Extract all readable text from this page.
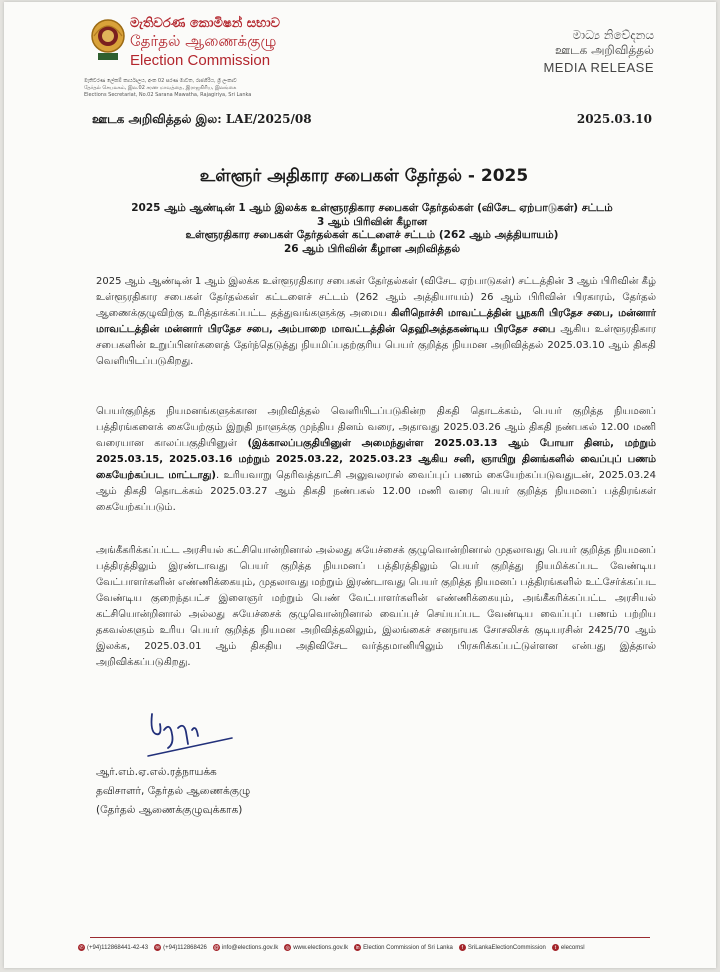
මැතිවරණ කොමිෂන් සභාව
தேர்தல் ஆணைக்குழு
Election Commission
මැතිවරණ ලේකම් කාර්යාලය, අංක 02 සරණ මාවත, රාජගිරිය, ශ්‍රී ලංකාව
தேர்தல் செயலகம், இல.02 சரண மாவத்தை, இராஜகிரிய, இலங்கை
Elections Secretariat, No.02 Sarana Mawatha, Rajagiriya, Sri Lanka
මාධ්‍ය නිවේදනය
ஊடக அறிவித்தல்
MEDIA RELEASE
ஊடக அறிவித்தல் இல: LAE/2025/08	2025.03.10
உள்ளூர் அதிகார சபைகள் தேர்தல் - 2025
2025 ஆம் ஆண்டின் 1 ஆம் இலக்க உள்ளூரதிகார சபைகள் தேர்தல்கள் (விசேட ஏற்பாடுகள்) சட்டம்
3 ஆம் பிரிவின் கீழான
உள்ளூரதிகார சபைகள் தேர்தல்கள் கட்டளைச் சட்டம் (262 ஆம் அத்தியாயம்)
26 ஆம் பிரிவின் கீழான அறிவித்தல்
2025 ஆம் ஆண்டின் 1 ஆம் இலக்க உள்ளூரதிகார சபைகள் தேர்தல்கள் (விசேட ஏற்பாடுகள்) சட்டத்தின் 3 ஆம் பிரிவின் கீழ் உள்ளூரதிகார சபைகள் தேர்தல்கள் கட்டளைச் சட்டம் (262 ஆம் அத்தியாயம்) 26 ஆம் பிரிவின் பிரகாரம், தேர்தல் ஆணைக்குழுவிற்கு உரித்தாக்கப்பட்ட தத்துவங்களுக்கு அமைய கிளிநொச்சி மாவட்டத்தின் பூநகரி பிரதேச சபை, மன்னார் மாவட்டத்தின் மன்னார் பிரதேச சபை, அம்பாறை மாவட்டத்தின் தெஹிஅத்தகண்டிய பிரதேச சபை ஆகிய உள்ளூரதிகார சபைகளின் உறுப்பினர்களைத் தேர்ந்தெடுத்து நியமிப்பதற்குரிய பெயர் குறித்த நியமன அறிவித்தல் 2025.03.10 ஆம் திகதி வெளியிடப்படுகிறது.
பெயர்குறித்த நியமனங்களுக்கான அறிவித்தல் வெளியிடப்படுகின்ற திகதி தொடக்கம், பெயர் குறித்த நியமனப் பத்திரங்களைக் கையேற்கும் இறுதி நாளுக்கு முந்திய தினம் வரை, அதாவது 2025.03.26 ஆம் திகதி நண்பகல் 12.00 மணி வரையான காலப்பகுதியினுள் (இக்காலப்பகுதியினுள் அமைந்துள்ள 2025.03.13 ஆம் போயா தினம், மற்றும் 2025.03.15, 2025.03.16 மற்றும் 2025.03.22, 2025.03.23 ஆகிய சனி, ஞாயிறு தினங்களில் வைப்புப் பணம் கையேற்கப்பட மாட்டாது). உரியவாறு தெரிவத்தாட்சி அலுவலரால் வைப்புப் பணம் கையேற்கப்படுவதுடன், 2025.03.24 ஆம் திகதி தொடக்கம் 2025.03.27 ஆம் திகதி நண்பகல் 12.00 மணி வரை பெயர் குறித்த நியமனப் பத்திரங்கள் கையேற்கப்படும்.
அங்கீகரிக்கப்பட்ட அரசியல் கட்சியொன்றினால் அல்லது சுயேச்சைக் குழுவொன்றினால் முதலாவது பெயர் குறித்த நியமனப் பத்திரத்திலும் இரண்டாவது பெயர் குறித்த நியமனப் பத்திரத்திலும் பெயர் குறித்து நியமிக்கப்பட வேண்டிய வேட்பாளர்களின் எண்ணிக்கையும், முதலாவது மற்றும் இரண்டாவது பெயர் குறித்த நியமனப் பத்திரங்களில் உட்சேர்க்கப்பட வேண்டிய குறைந்தபட்ச இளைஞர் மற்றும் பெண் வேட்பாளர்களின் எண்ணிக்கையும், அங்கீகரிக்கப்பட்ட அரசியல் கட்சியொன்றினால் அல்லது சுயேச்சைக் குழுவொன்றினால் வைப்புச் செய்யப்பட வேண்டிய வைப்புப் பணம் பற்றிய தகவல்களும் உரிய பெயர் குறித்த நியமன அறிவித்தலிலும், இலங்கைச் சனநாயக சோசலிசக் குடியரசின் 2425/70 ஆம் இலக்க, 2025.03.01 ஆம் திகதிய அதிவிசேட வர்த்தமானியிலும் பிரசுரிக்கப்பட்டுள்ளன என்பது இத்தால் அறிவிக்கப்படுகிறது.
ஆர்.எம்.ஏ.எல்.ரத்நாயக்க
தவிசாளர், தேர்தல் ஆணைக்குழு
(தேர்தல் ஆணைக்குழுவுக்காக)
✆ (+94)112868441-42-43 ✉ (+94)112868426 @ info@elections.gov.lk ◎ www.elections.gov.lk	in Election Commission of Sri Lanka	f SriLankaElectionCommission	t elecomsl
